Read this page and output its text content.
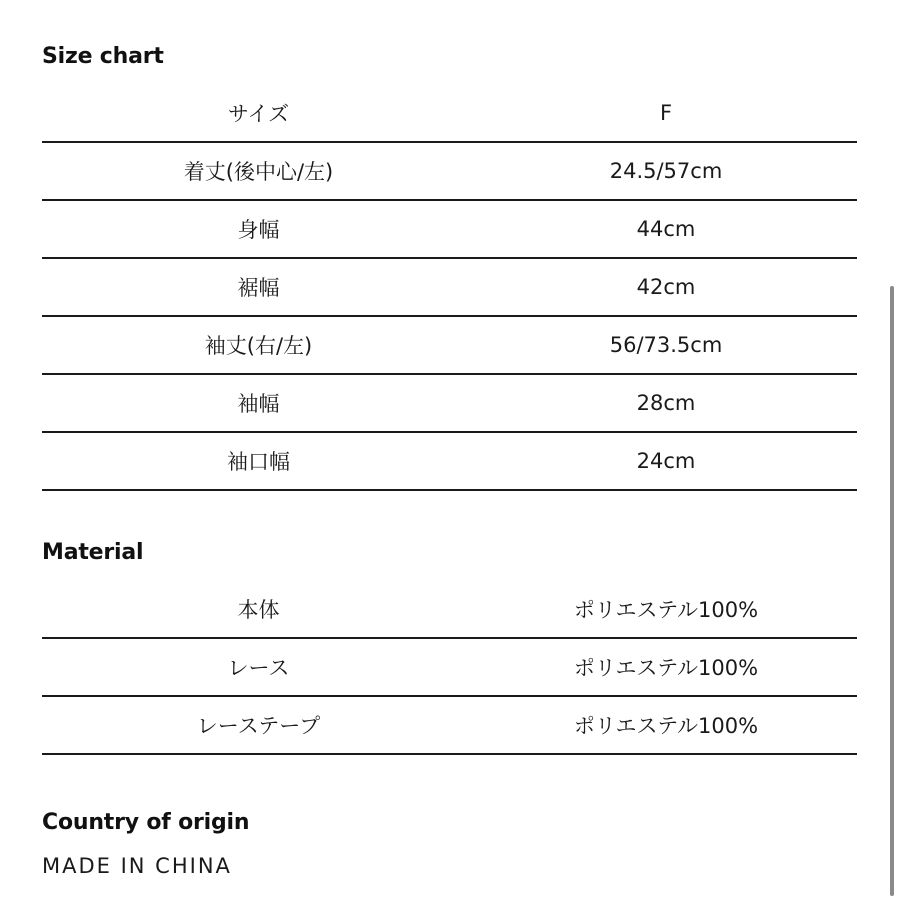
Size chart
サイズ	F
着丈(後中心/左)	24.5/57cm
身幅	44cm
裾幅	42cm
袖丈(右/左)	56/73.5cm
袖幅	28cm
袖口幅	24cm
Material
本体	ポリエステル100%
レース	ポリエステル100%
レーステープ	ポリエステル100%
Country of origin

MADE IN CHINA
